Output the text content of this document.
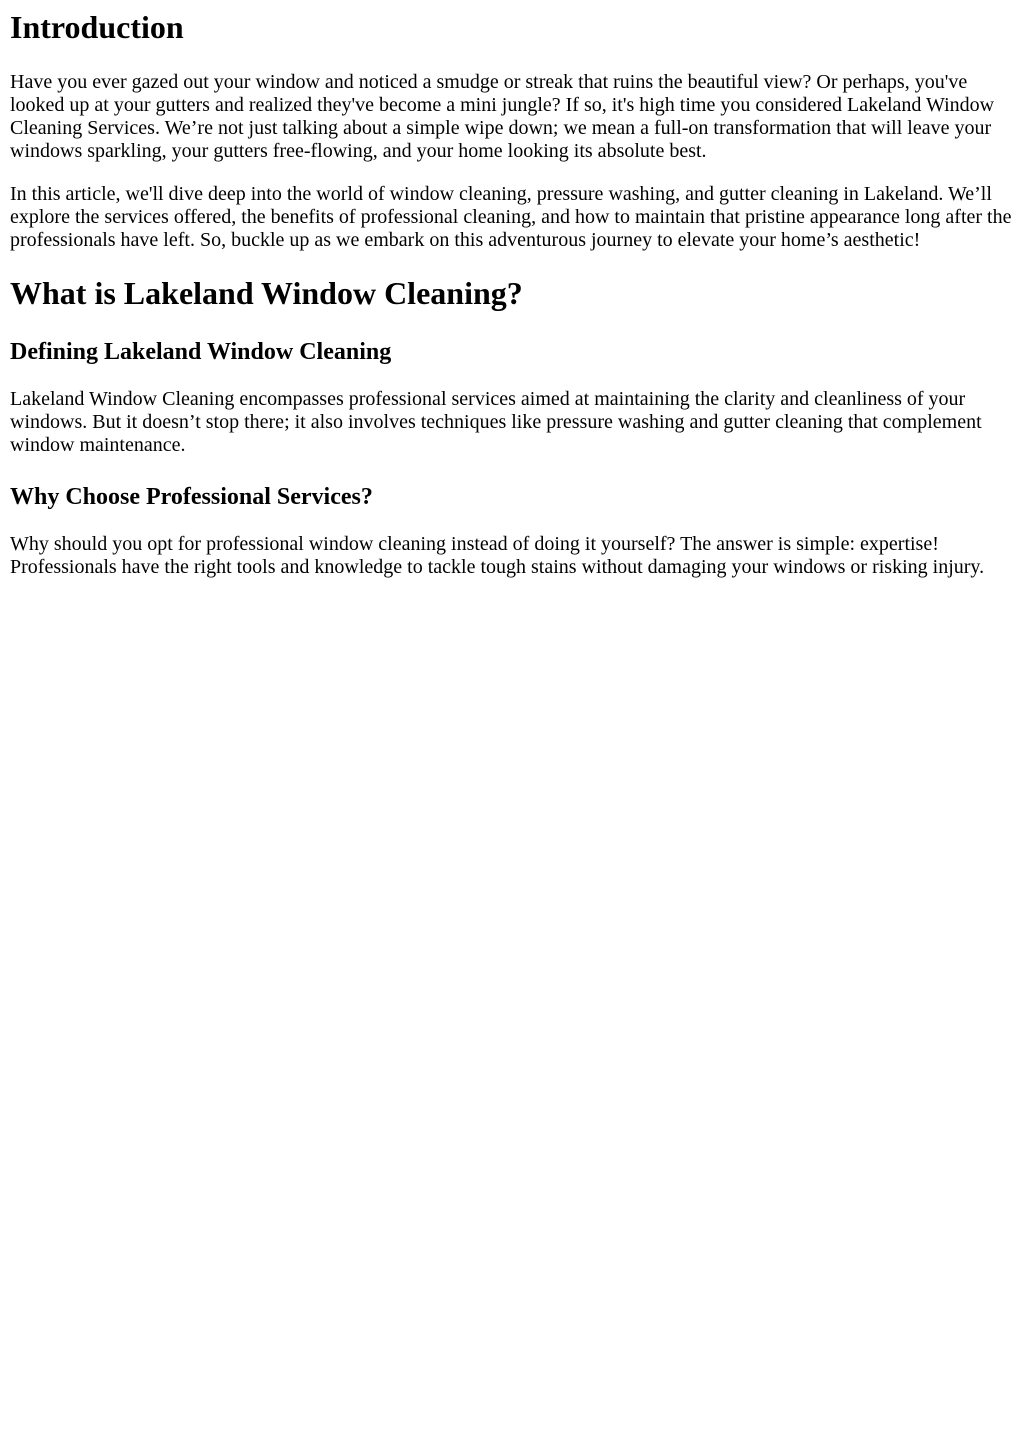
Introduction

Have you ever gazed out your window and noticed a smudge or streak that ruins the beautiful view? Or perhaps, you've looked up at your gutters and realized they've become a mini jungle? If so, it's high time you considered Lakeland Window Cleaning Services. We’re not just talking about a simple wipe down; we mean a full-on transformation that will leave your windows sparkling, your gutters free-flowing, and your home looking its absolute best.

In this article, we'll dive deep into the world of window cleaning, pressure washing, and gutter cleaning in Lakeland. We’ll explore the services offered, the benefits of professional cleaning, and how to maintain that pristine appearance long after the professionals have left. So, buckle up as we embark on this adventurous journey to elevate your home’s aesthetic!

What is Lakeland Window Cleaning?
Defining Lakeland Window Cleaning

Lakeland Window Cleaning encompasses professional services aimed at maintaining the clarity and cleanliness of your windows. But it doesn’t stop there; it also involves techniques like pressure washing and gutter cleaning that complement window maintenance.

Why Choose Professional Services?

Why should you opt for professional window cleaning instead of doing it yourself? The answer is simple: expertise! Professionals have the right tools and knowledge to tackle tough stains without damaging your windows or risking injury.
